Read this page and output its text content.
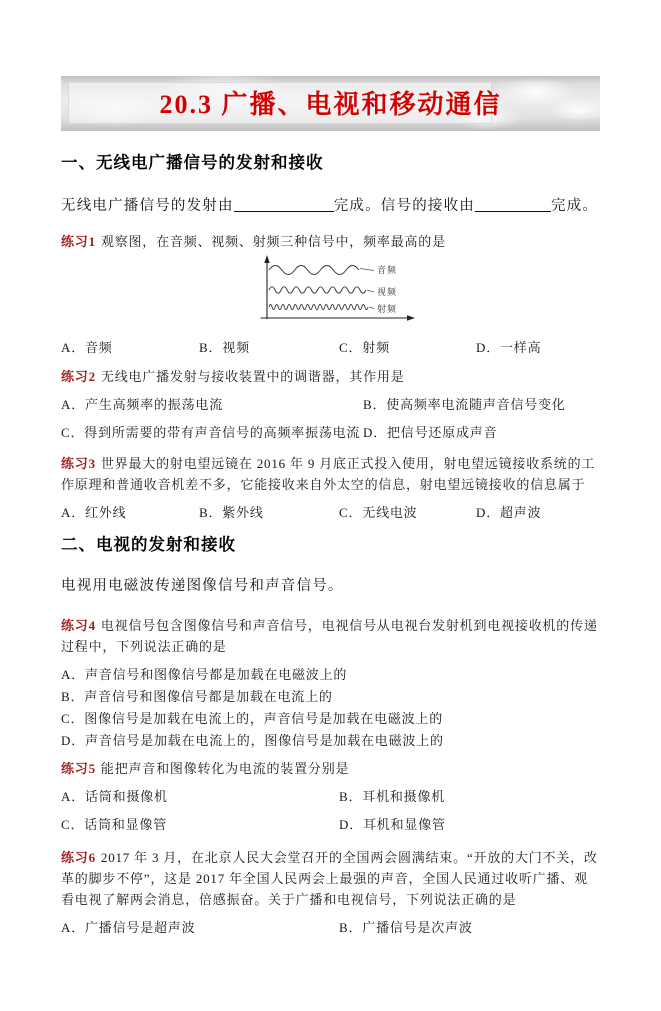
20.3 广播、电视和移动通信
一、无线电广播信号的发射和接收

无线电广播信号的发射由	完成。信号的接收由	完成。

练习1 观察图，在音频、视频、射频三种信号中，频率最高的是

音频
视频
射频
A．音频	B．视频	C．射频	D．一样高

练习2 无线电广播发射与接收装置中的调谐器，其作用是

A．产生高频率的振荡电流	B．使高频率电流随声音信号变化
C．得到所需要的带有声音信号的高频率振荡电流 D．把信号还原成声音

练习3 世界最大的射电望远镜在 2016 年 9 月底正式投入使用，射电望远镜接收系统的工作原理和普通收音机差不多，它能接收来自外太空的信息，射电望远镜接收的信息属于

A．红外线	B．紫外线	C．无线电波	D．超声波
二、电视的发射和接收

电视用电磁波传递图像信号和声音信号。

练习4 电视信号包含图像信号和声音信号，电视信号从电视台发射机到电视接收机的传递过程中，下列说法正确的是

A．声音信号和图像信号都是加载在电磁波上的

B．声音信号和图像信号都是加载在电流上的

C．图像信号是加载在电流上的，声音信号是加载在电磁波上的

D．声音信号是加载在电流上的，图像信号是加载在电磁波上的

练习5 能把声音和图像转化为电流的装置分别是

A．话筒和摄像机	B．耳机和摄像机
C．话筒和显像管	D．耳机和显像管

练习6 2017 年 3 月，在北京人民大会堂召开的全国两会圆满结束。“开放的大门不关，改革的脚步不停”，这是 2017 年全国人民两会上最强的声音，全国人民通过收听广播、观看电视了解两会消息，倍感振奋。关于广播和电视信号，下列说法正确的是

A．广播信号是超声波	B．广播信号是次声波
